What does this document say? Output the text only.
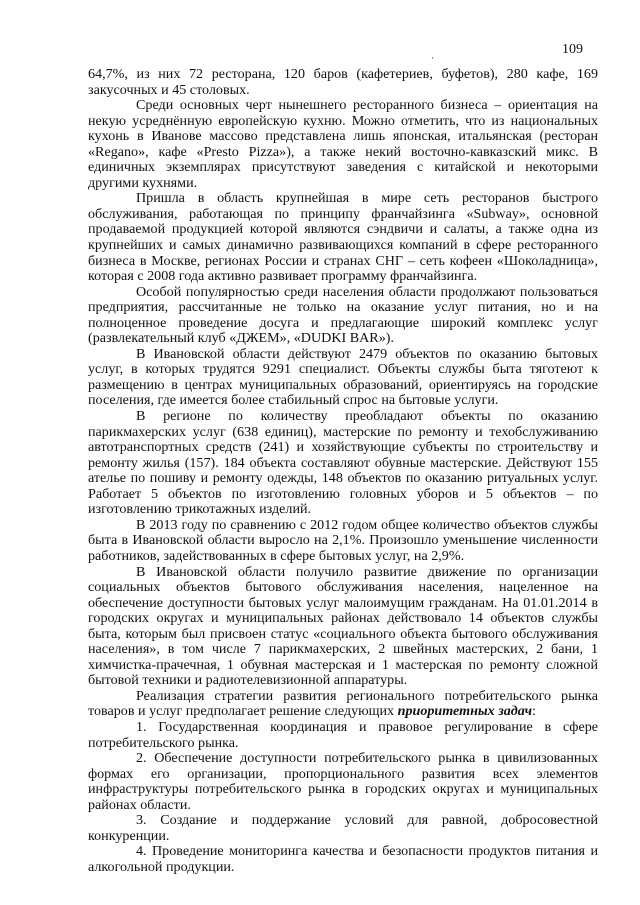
109

64,7%, из них 72 ресторана, 120 баров (кафетериев, буфетов), 280 кафе, 169 закусочных и 45 столовых.

Среди основных черт нынешнего ресторанного бизнеса – ориентация на некую усреднённую европейскую кухню. Можно отметить, что из национальных кухонь в Иванове массово представлена лишь японская, итальянская (ресторан «Regano», кафе «Presto Pizza»), а также некий восточно-кавказский микс. В единичных экземплярах присутствуют заведения с китайской и некоторыми другими кухнями.

Пришла в область крупнейшая в мире сеть ресторанов быстрого обслуживания, работающая по принципу франчайзинга «Subway», основной продаваемой продукцией которой являются сэндвичи и салаты, а также одна из крупнейших и самых динамично развивающихся компаний в сфере ресторанного бизнеса в Москве, регионах России и странах СНГ – сеть кофеен «Шоколадница», которая с 2008 года активно развивает программу франчайзинга.

Особой популярностью среди населения области продолжают пользоваться предприятия, рассчитанные не только на оказание услуг питания, но и на полноценное проведение досуга и предлагающие широкий комплекс услуг (развлекательный клуб «ДЖЕМ», «DUDKI BAR»).

В Ивановской области действуют 2479 объектов по оказанию бытовых услуг, в которых трудятся 9291 специалист. Объекты службы быта тяготеют к размещению в центрах муниципальных образований, ориентируясь на городские поселения, где имеется более стабильный спрос на бытовые услуги.

В регионе по количеству преобладают объекты по оказанию парикмахерских услуг (638 единиц), мастерские по ремонту и техобслуживанию автотранспортных средств (241) и хозяйствующие субъекты по строительству и ремонту жилья (157). 184 объекта составляют обувные мастерские. Действуют 155 ателье по пошиву и ремонту одежды, 148 объектов по оказанию ритуальных услуг. Работает 5 объектов по изготовлению головных уборов и 5 объектов – по изготовлению трикотажных изделий.

В 2013 году по сравнению с 2012 годом общее количество объектов службы быта в Ивановской области выросло на 2,1%. Произошло уменьшение численности работников, задействованных в сфере бытовых услуг, на 2,9%.

В Ивановской области получило развитие движение по организации социальных объектов бытового обслуживания населения, нацеленное на обеспечение доступности бытовых услуг малоимущим гражданам. На 01.01.2014 в городских округах и муниципальных районах действовало 14 объектов службы быта, которым был присвоен статус «социального объекта бытового обслуживания населения», в том числе 7 парикмахерских, 2 швейных мастерских, 2 бани, 1 химчистка-прачечная, 1 обувная мастерская и 1 мастерская по ремонту сложной бытовой техники и радиотелевизионной аппаратуры.

Реализация стратегии развития регионального потребительского рынка товаров и услуг предполагает решение следующих приоритетных задач:

1. Государственная координация и правовое регулирование в сфере потребительского рынка.

2. Обеспечение доступности потребительского рынка в цивилизованных формах его организации, пропорционального развития всех элементов инфраструктуры потребительского рынка в городских округах и муниципальных районах области.

3. Создание и поддержание условий для равной, добросовестной конкуренции.

4. Проведение мониторинга качества и безопасности продуктов питания и алкогольной продукции.
